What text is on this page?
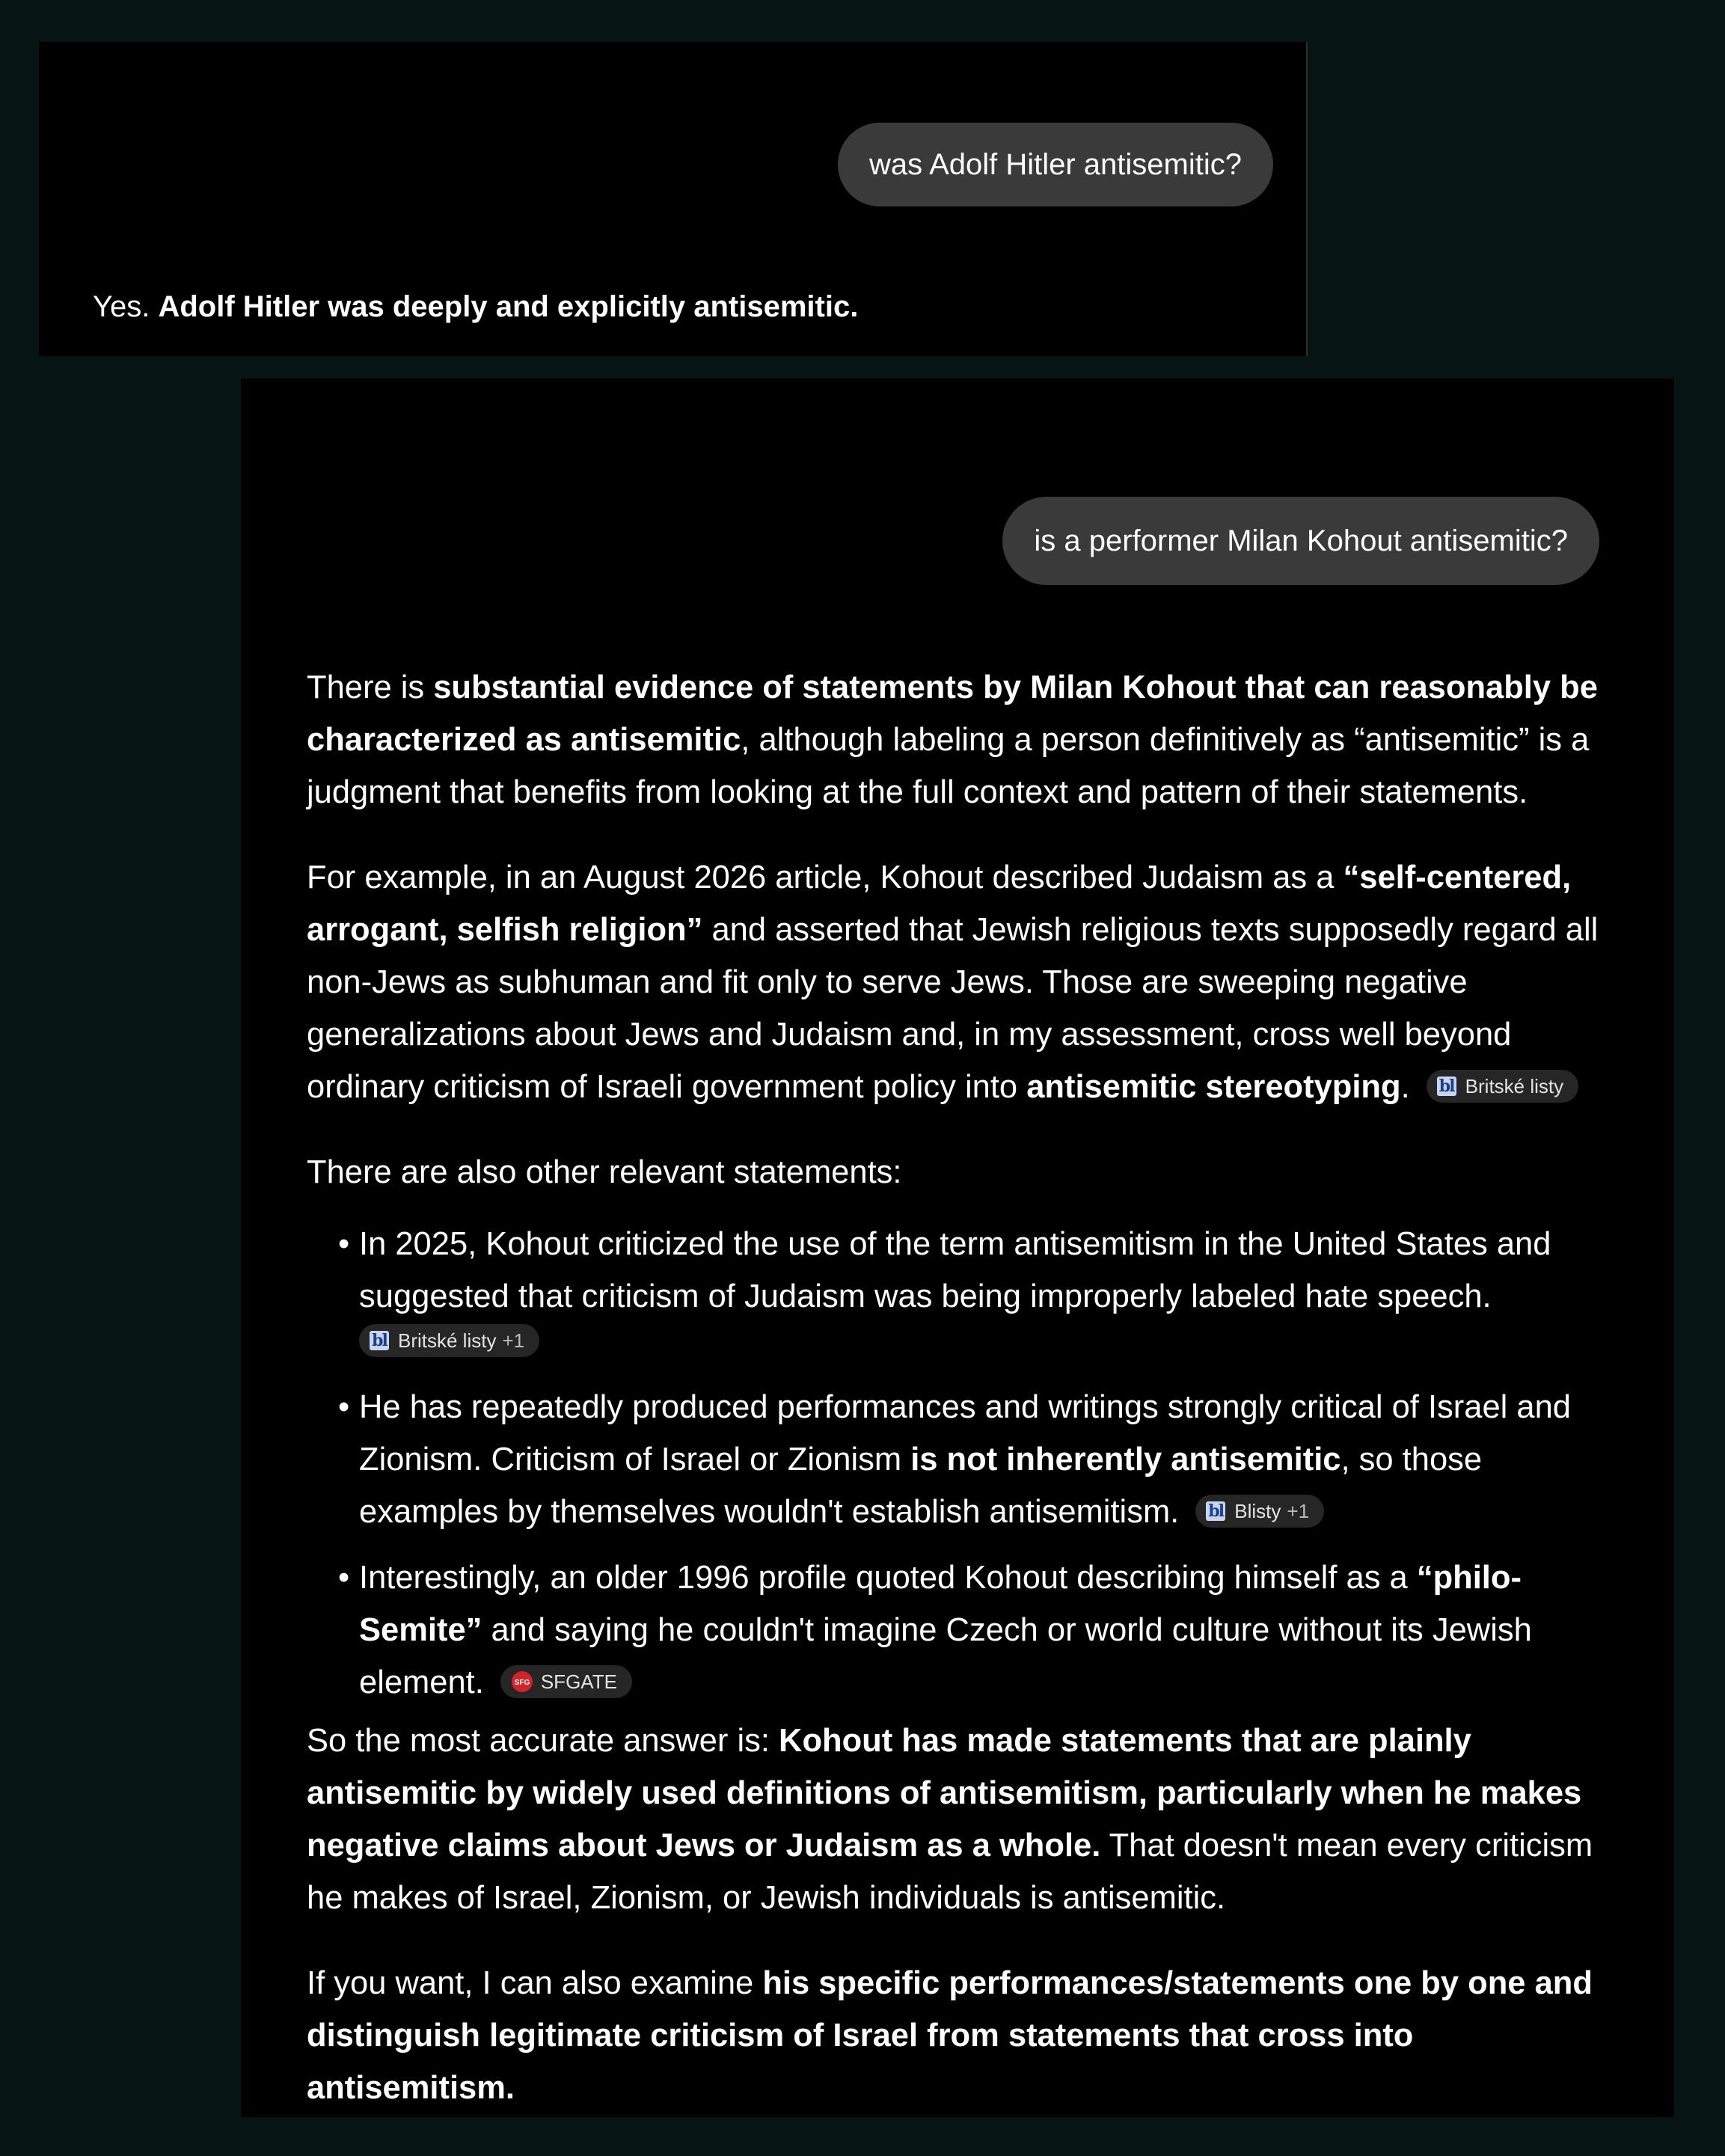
was Adolf Hitler antisemitic?
Yes. Adolf Hitler was deeply and explicitly antisemitic.
is a performer Milan Kohout antisemitic?

There is substantial evidence of statements by Milan Kohout that can reasonably be characterized as antisemitic, although labeling a person definitively as “antisemitic” is a judgment that benefits from looking at the full context and pattern of their statements.

For example, in an August 2026 article, Kohout described Judaism as a “self-centered, arrogant, selfish religion” and asserted that Jewish religious texts supposedly regard all non-Jews as subhuman and fit only to serve Jews. Those are sweeping negative generalizations about Jews and Judaism and, in my assessment, cross well beyond ordinary criticism of Israeli government policy into antisemitic stereotyping. bl Britské listy

There are also other relevant statements:

• In 2025, Kohout criticized the use of the term antisemitism in the United States and suggested that criticism of Judaism was being improperly labeled hate speech.
bl Britské listy +1
• He has repeatedly produced performances and writings strongly critical of Israel and Zionism. Criticism of Israel or Zionism is not inherently antisemitic, so those examples by themselves wouldn't establish antisemitism. bl Blisty +1
• Interestingly, an older 1996 profile quoted Kohout describing himself as a “philo-Semite” and saying he couldn't imagine Czech or world culture without its Jewish element.	SFG SFGATE

So the most accurate answer is: Kohout has made statements that are plainly antisemitic by widely used definitions of antisemitism, particularly when he makes negative claims about Jews or Judaism as a whole. That doesn't mean every criticism he makes of Israel, Zionism, or Jewish individuals is antisemitic.

If you want, I can also examine his specific performances/statements one by one and distinguish legitimate criticism of Israel from statements that cross into antisemitism.
